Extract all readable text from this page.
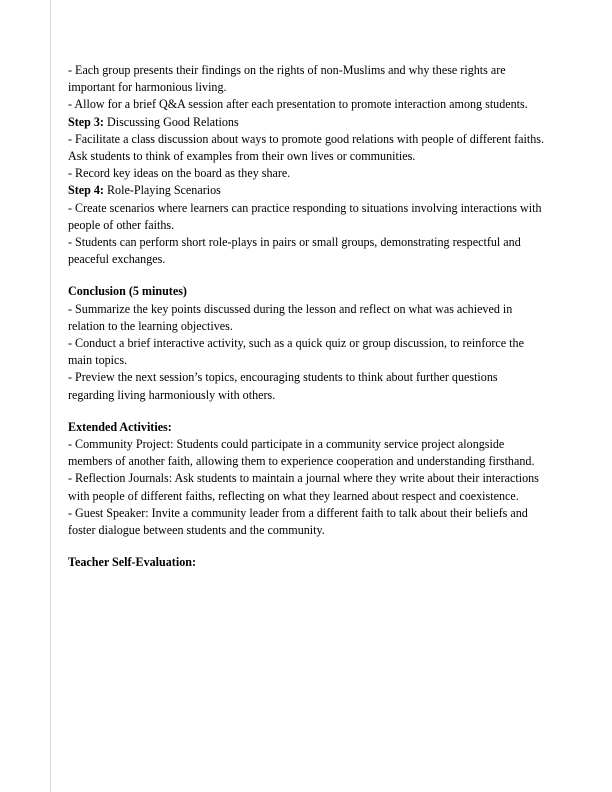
- Each group presents their findings on the rights of non-Muslims and why these rights are important for harmonious living.

- Allow for a brief Q&A session after each presentation to promote interaction among students.

Step 3: Discussing Good Relations

- Facilitate a class discussion about ways to promote good relations with people of different faiths. Ask students to think of examples from their own lives or communities.

- Record key ideas on the board as they share.

Step 4: Role-Playing Scenarios

- Create scenarios where learners can practice responding to situations involving interactions with people of other faiths.

- Students can perform short role-plays in pairs or small groups, demonstrating respectful and peaceful exchanges.

Conclusion (5 minutes)

- Summarize the key points discussed during the lesson and reflect on what was achieved in relation to the learning objectives.

- Conduct a brief interactive activity, such as a quick quiz or group discussion, to reinforce the main topics.

- Preview the next session’s topics, encouraging students to think about further questions regarding living harmoniously with others.

Extended Activities:

- Community Project: Students could participate in a community service project alongside members of another faith, allowing them to experience cooperation and understanding firsthand.

- Reflection Journals: Ask students to maintain a journal where they write about their interactions with people of different faiths, reflecting on what they learned about respect and coexistence.

- Guest Speaker: Invite a community leader from a different faith to talk about their beliefs and foster dialogue between students and the community.

Teacher Self-Evaluation:
